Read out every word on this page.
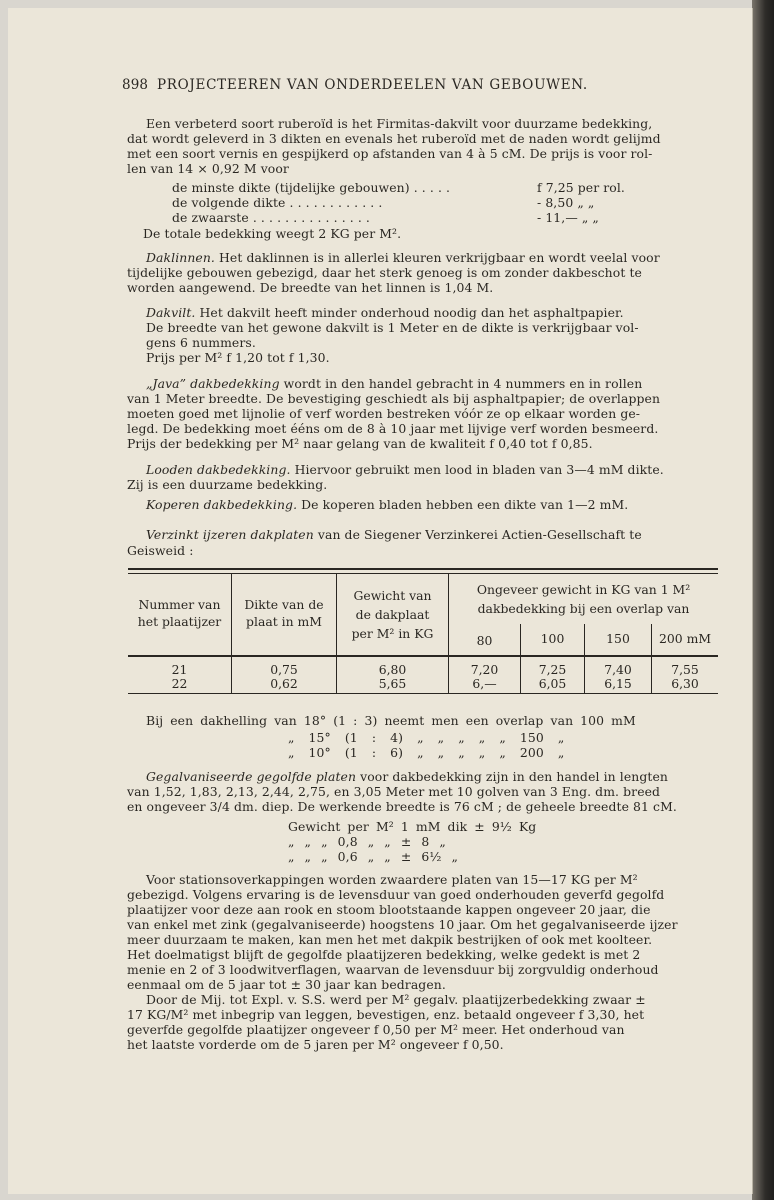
898 PROJECTEEREN VAN ONDERDEELEN VAN GEBOUWEN.
Een verbeterd soort ruberoïd is het Firmitas-dakvilt voor duurzame bedekking,
dat wordt geleverd in 3 dikten en evenals het ruberoïd met de naden wordt gelijmd
met een soort vernis en gespijkerd op afstanden van 4 à 5 cM. De prijs is voor rol-
len van 14 × 0,92 M voor
de minste dikte (tijdelijke gebouwen) . . . . .	f 7,25 per rol.
de volgende dikte . . . . . . . . . . . .	- 8,50 „ „
de zwaarste . . . . . . . . . . . . . . .	- 11,— „ „
De totale bedekking weegt 2 KG per M².
Daklinnen. Het daklinnen is in allerlei kleuren verkrijgbaar en wordt veelal voor
tijdelijke gebouwen gebezigd, daar het sterk genoeg is om zonder dakbeschot te
worden aangewend. De breedte van het linnen is 1,04 M.
Dakvilt. Het dakvilt heeft minder onderhoud noodig dan het asphaltpapier.
De breedte van het gewone dakvilt is 1 Meter en de dikte is verkrijgbaar vol-
gens 6 nummers.
Prijs per M² f 1,20 tot f 1,30.
„Java” dakbedekking wordt in den handel gebracht in 4 nummers en in rollen
van 1 Meter breedte. De bevestiging geschiedt als bij asphaltpapier; de overlappen
moeten goed met lijnolie of verf worden bestreken vóór ze op elkaar worden ge-
legd. De bedekking moet ééns om de 8 à 10 jaar met lijvige verf worden besmeerd.
Prijs der bedekking per M² naar gelang van de kwaliteit f 0,40 tot f 0,85.
Looden dakbedekking. Hiervoor gebruikt men lood in bladen van 3—4 mM dikte.
Zij is een duurzame bedekking.
Koperen dakbedekking. De koperen bladen hebben een dikte van 1—2 mM.
Verzinkt ijzeren dakplaten van de Siegener Verzinkerei Actien-Gesellschaft te
Geisweid :
Nummer van
het plaatijzer
Dikte van de
plaat in mM
Gewicht van
de dakplaat
per M² in KG
Ongeveer gewicht in KG van 1 M²
dakbedekking bij een overlap van
80	100	150	200 mM
21	0,75	6,80	7,20	7,25	7,40	7,55
22	0,62	5,65	6,—	6,05	6,15	6,30
Bij een dakhelling van 18° (1 : 3) neemt men een overlap van 100 mM
„ 15° (1 : 4) „ „ „ „ „ 150 „
„ 10° (1 : 6) „ „ „ „ „ 200 „
Gegalvaniseerde gegolfde platen voor dakbedekking zijn in den handel in lengten
van 1,52, 1,83, 2,13, 2,44, 2,75, en 3,05 Meter met 10 golven van 3 Eng. dm. breed
en ongeveer 3/4 dm. diep. De werkende breedte is 76 cM ; de geheele breedte 81 cM.
Gewicht per M² 1 mM dik ± 9½ Kg
„ „ „ 0,8 „ „ ± 8 „
„ „ „ 0,6 „ „ ± 6½ „
Voor stationsoverkappingen worden zwaardere platen van 15—17 KG per M²
gebezigd. Volgens ervaring is de levensduur van goed onderhouden geverfd gegolfd
plaatijzer voor deze aan rook en stoom blootstaande kappen ongeveer 20 jaar, die
van enkel met zink (gegalvaniseerde) hoogstens 10 jaar. Om het gegalvaniseerde ijzer
meer duurzaam te maken, kan men het met dakpik bestrijken of ook met koolteer.
Het doelmatigst blijft de gegolfde plaatijzeren bedekking, welke gedekt is met 2
menie en 2 of 3 loodwitverflagen, waarvan de levensduur bij zorgvuldig onderhoud
eenmaal om de 5 jaar tot ± 30 jaar kan bedragen.
Door de Mij. tot Expl. v. S.S. werd per M² gegalv. plaatijzerbedekking zwaar ±
17 KG/M² met inbegrip van leggen, bevestigen, enz. betaald ongeveer f 3,30, het
geverfde gegolfde plaatijzer ongeveer f 0,50 per M² meer. Het onderhoud van
het laatste vorderde om de 5 jaren per M² ongeveer f 0,50.
